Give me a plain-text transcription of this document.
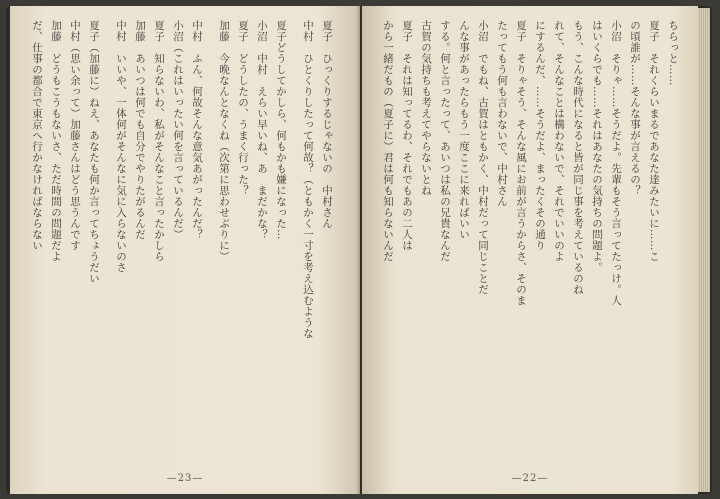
夏子　ひっくりするじゃないの　中村さん
中村　ひとくりしたって何故？（ともかく一寸を考え込むような
夏子どうしてかしら、何もかも嫌になった…
小沼　中村　えらい早いね、あ　まだかな？
夏子　どうしたの、うまく行った？
加藤　今晩なんとなくね（次第に思わせぶりに）
中村　ふん、何故そんな意気あがったんだ？
小沼（これはいったい何を言っているんだ）
夏子　知らないわ、私がそんなこと言ったかしら
加藤　あいつは何でも自分でやりたがるんだ
中村　いいや、一体何がそんなに気に入らないのさ
夏子（加藤に）ねえ、あなたも何か言ってちょうだい
中村（思い余って）加藤さんはどう思うんです
加藤　どうもこうもないさ、ただ時間の問題だよ
だ、仕事の都合で東京へ行かなければならない
—23—
ちらっと……
夏子　それくらいまるであなた達みたいに……こ
の頃誰が……そんな事が言えるの？
小沼　そりゃ……そうだよ。先輩もそう言ってたっけ。人
はいくらでも……それはあなたの気持ちの問題よ。
もう、こんな時代になると皆が同じ事を考えているのね
れて、そんなことは構わないで、それでいいのよ
にするんだ、……そうだよ、まったくその通り
夏子　そりゃそう、そんな風にお前が言うからさ、そのま
たってもう何も言わないで、中村さん
小沼　でもね、古賀はともかく、中村だって同じことだ
んな事があったらもう一度ここに来ればいい
する。何と言ったって、あいつは私の兄貴なんだ
古賀の気持ちも考えてやらないとね
夏子　それは知ってるわ、それでもあの二人は
から一緒だもの（夏子に）君は何も知らないんだ
—22—
